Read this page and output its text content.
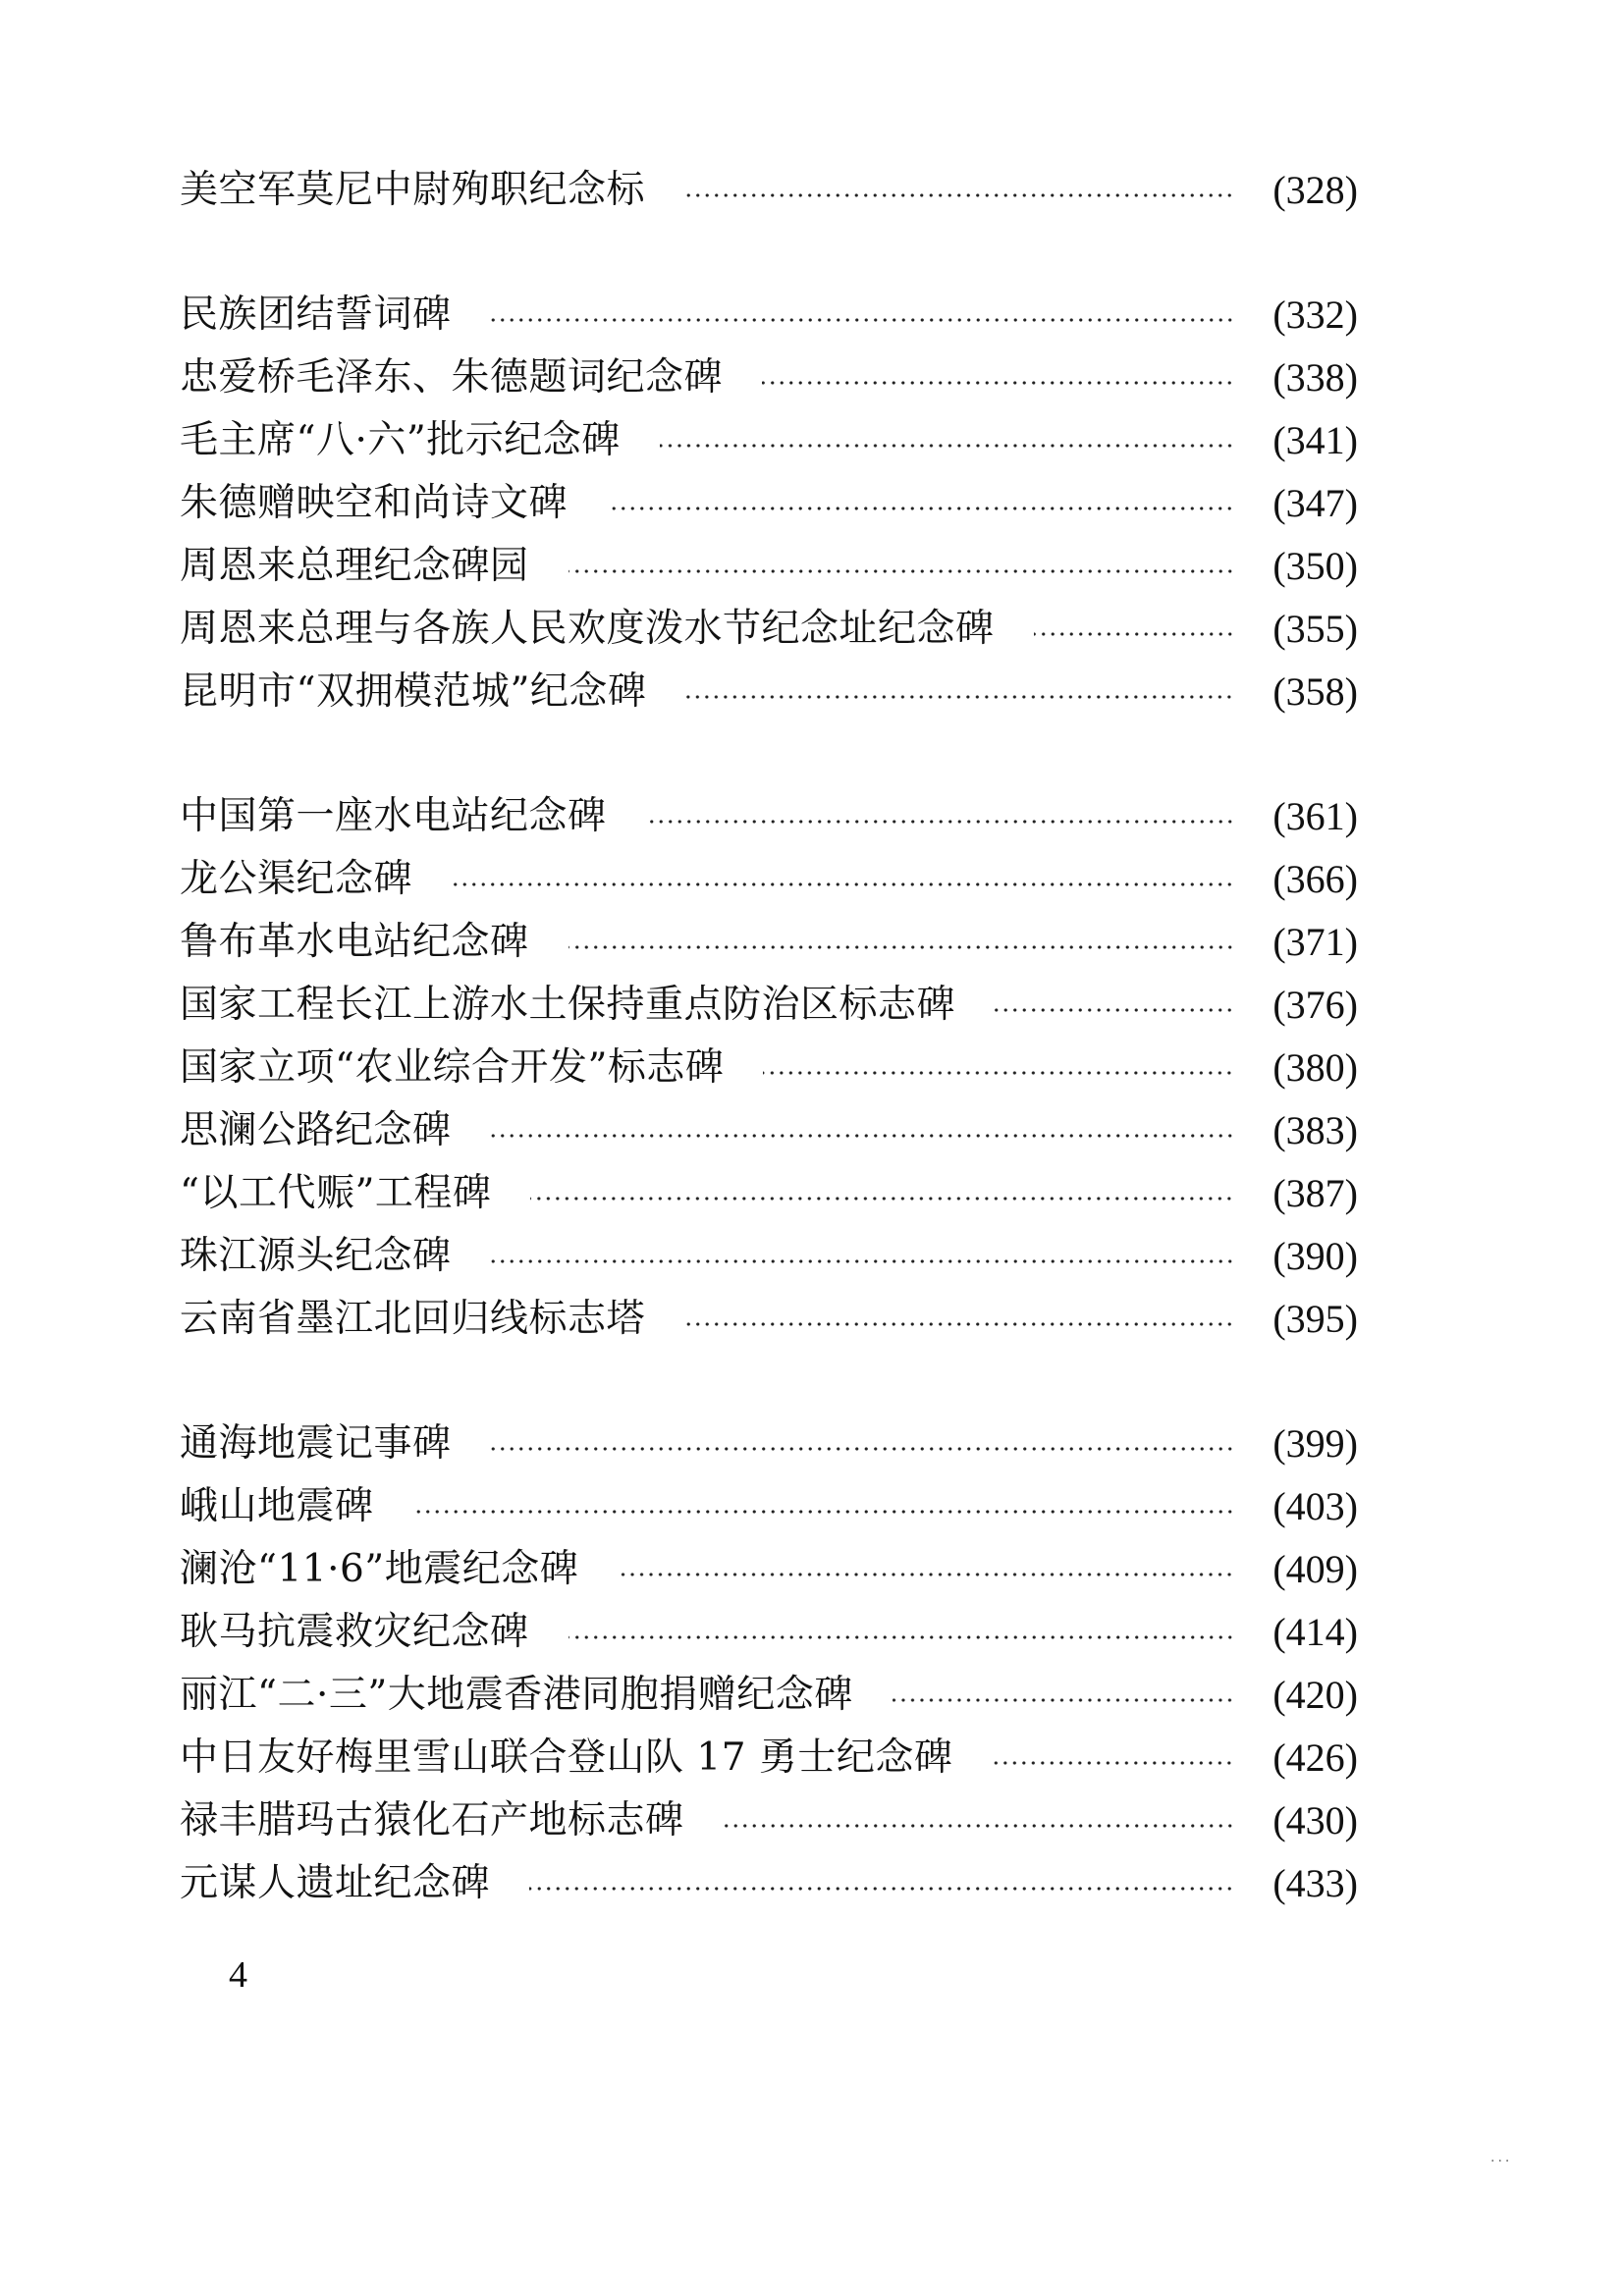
美空军莫尼中尉殉职纪念标	(328)
民族团结誓词碑	(332)
忠爱桥毛泽东、朱德题词纪念碑	(338)
毛主席“八·六”批示纪念碑	(341)
朱德赠映空和尚诗文碑	(347)
周恩来总理纪念碑园	(350)
周恩来总理与各族人民欢度泼水节纪念址纪念碑	(355)
昆明市“双拥模范城”纪念碑	(358)
中国第一座水电站纪念碑	(361)
龙公渠纪念碑	(366)
鲁布革水电站纪念碑	(371)
国家工程长江上游水土保持重点防治区标志碑	(376)
国家立项“农业综合开发”标志碑	(380)
思澜公路纪念碑	(383)
“以工代赈”工程碑	(387)
珠江源头纪念碑	(390)
云南省墨江北回归线标志塔	(395)
通海地震记事碑	(399)
峨山地震碑	(403)
澜沧“11·6”地震纪念碑	(409)
耿马抗震救灾纪念碑	(414)
丽江“二·三”大地震香港同胞捐赠纪念碑	(420)
中日友好梅里雪山联合登山队 17 勇士纪念碑	(426)
禄丰腊玛古猿化石产地标志碑	(430)
元谋人遗址纪念碑	(433)
4
...
